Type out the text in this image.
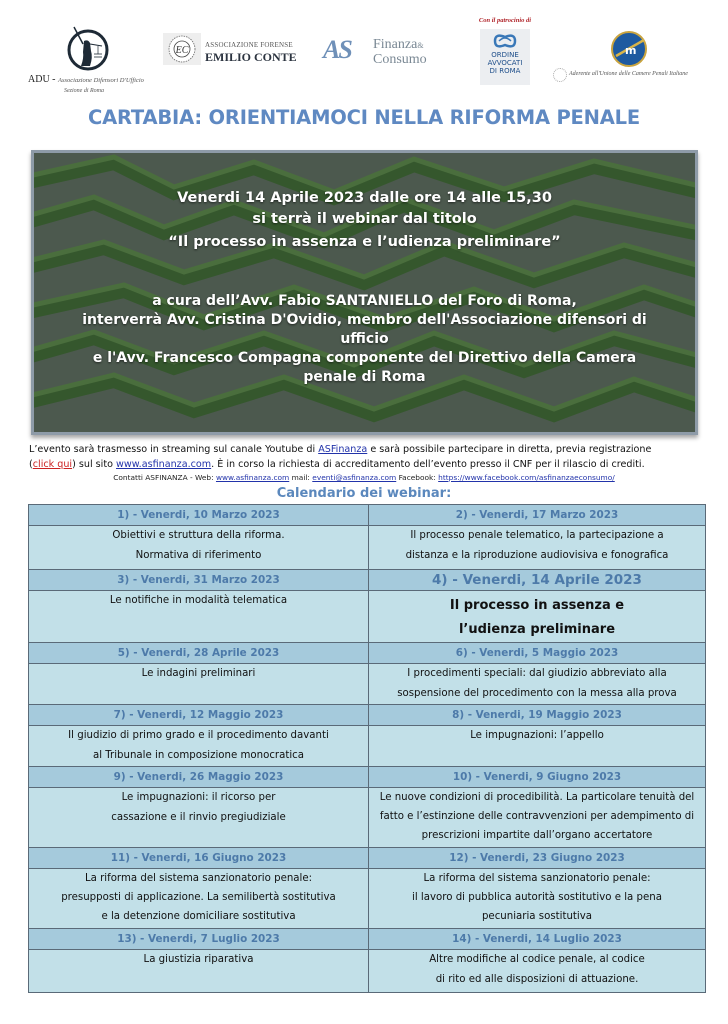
ADU - Associazione Difensori D'Ufficio
Sezione di Roma
EC ASSOCIAZIONE FORENSE
EMILIO CONTE AS Finanza&
Consumo
Con il patrocinio di
ORDINE
AVVOCATI
DI ROMA
m
Aderente all'Unione delle Camere Penali Italiane
CARTABIA: ORIENTIAMOCI NELLA RIFORMA PENALE
Venerdi 14 Aprile 2023 dalle ore 14 alle 15,30
si terrà il webinar dal titolo
“Il processo in assenza e l’udienza preliminare”
a cura dell’Avv. Fabio SANTANIELLO del Foro di Roma,
interverrà Avv. Cristina D'Ovidio, membro dell'Associazione difensori di
ufficio
e l'Avv. Francesco Compagna componente del Direttivo della Camera
penale di Roma
L’evento sarà trasmesso in streaming sul canale Youtube di ASFinanza e sarà possibile partecipare in diretta, previa registrazione
(click qui) sul sito www.asfinanza.com. È in corso la richiesta di accreditamento dell’evento presso il CNF per il rilascio di crediti.
Contatti ASFINANZA - Web: www.asfinanza.com mail: eventi@asfinanza.com Facebook: https://www.facebook.com/asfinanzaeconsumo/
Calendario dei webinar:
1) - Venerdi, 10 Marzo 2023	2) - Venerdi, 17 Marzo 2023

Obiettivi e struttura della riforma.
Normativa di riferimento	Il processo penale telematico, la partecipazione a
distanza e la riproduzione audiovisiva e fonografica

3) - Venerdi, 31 Marzo 2023	4) - Venerdi, 14 Aprile 2023

Le notifiche in modalità telematica	Il processo in assenza e
l’udienza preliminare

5) - Venerdi, 28 Aprile 2023	6) - Venerdi, 5 Maggio 2023

Le indagini preliminari	I procedimenti speciali: dal giudizio abbreviato alla
sospensione del procedimento con la messa alla prova

7) - Venerdi, 12 Maggio 2023	8) - Venerdi, 19 Maggio 2023

Il giudizio di primo grado e il procedimento davanti
al Tribunale in composizione monocratica	Le impugnazioni: l’appello

9) - Venerdi, 26 Maggio 2023	10) - Venerdi, 9 Giugno 2023

Le impugnazioni: il ricorso per
cassazione e il rinvio pregiudiziale	Le nuove condizioni di procedibilità. La particolare tenuità del
fatto e l’estinzione delle contravvenzioni per adempimento di
prescrizioni impartite dall’organo accertatore

11) - Venerdi, 16 Giugno 2023	12) - Venerdi, 23 Giugno 2023

La riforma del sistema sanzionatorio penale:
presupposti di applicazione. La semilibertà sostitutiva
e la detenzione domiciliare sostitutiva	La riforma del sistema sanzionatorio penale:
il lavoro di pubblica autorità sostitutivo e la pena
pecuniaria sostitutiva

13) - Venerdi, 7 Luglio 2023	14) - Venerdi, 14 Luglio 2023

La giustizia riparativa	Altre modifiche al codice penale, al codice
di rito ed alle disposizioni di attuazione.
